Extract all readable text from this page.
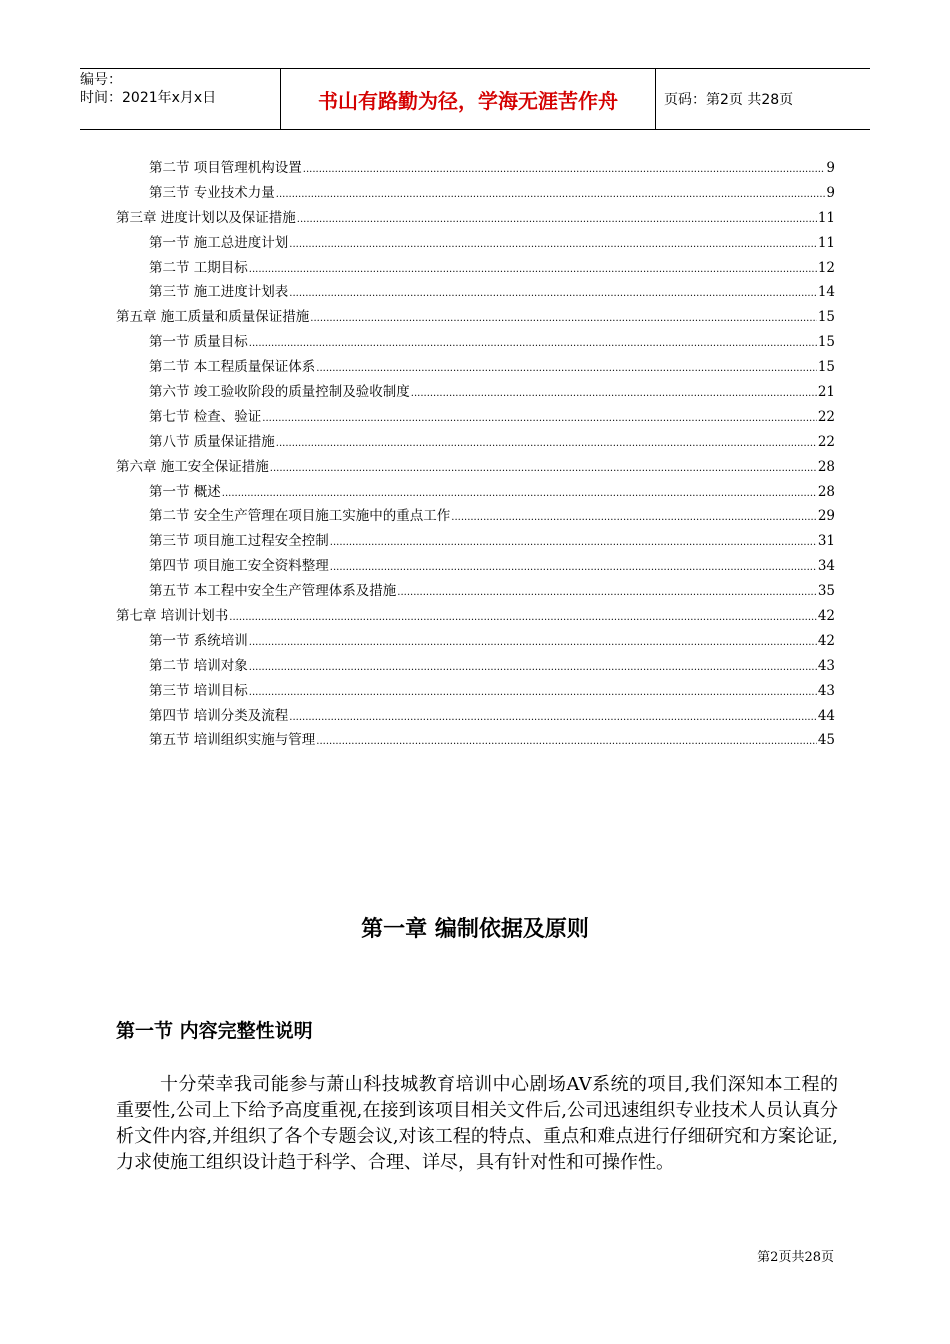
编号：
时间：2021年x月x日	书山有路勤为径，学海无涯苦作舟	页码：第2页 共28页
第二节 项目管理机构设置 .....	9
第三节 专业技术力量 .....	9
第三章 进度计划以及保证措施 .....	11
第一节 施工总进度计划 .....	11
第二节 工期目标 .....	12
第三节 施工进度计划表 .....	14
第五章 施工质量和质量保证措施 .....	15
第一节 质量目标 .....	15
第二节 本工程质量保证体系 .....	15
第六节 竣工验收阶段的质量控制及验收制度 .....	21
第七节 检查、验证 .....	22
第八节 质量保证措施 .....	22
第六章 施工安全保证措施 .....	28
第一节 概述 .....	28
第二节 安全生产管理在项目施工实施中的重点工作 .....	29
第三节 项目施工过程安全控制 .....	31
第四节 项目施工安全资料整理 .....	34
第五节 本工程中安全生产管理体系及措施 .....	35
第七章 培训计划书 .....	42
第一节 系统培训 .....	42
第二节 培训对象 .....	43
第三节 培训目标 .....	43
第四节 培训分类及流程 .....	44
第五节 培训组织实施与管理 .....	45
第一章 编制依据及原则
第一节 内容完整性说明

十分荣幸我司能参与萧山科技城教育培训中心剧场AV系统的项目,我们深知本工程的重要性,公司上下给予高度重视,在接到该项目相关文件后,公司迅速组织专业技术人员认真分析文件内容,并组织了各个专题会议,对该工程的特点、重点和难点进行仔细研究和方案论证,力求使施工组织设计趋于科学、合理、详尽，具有针对性和可操作性。

第2页共28页
